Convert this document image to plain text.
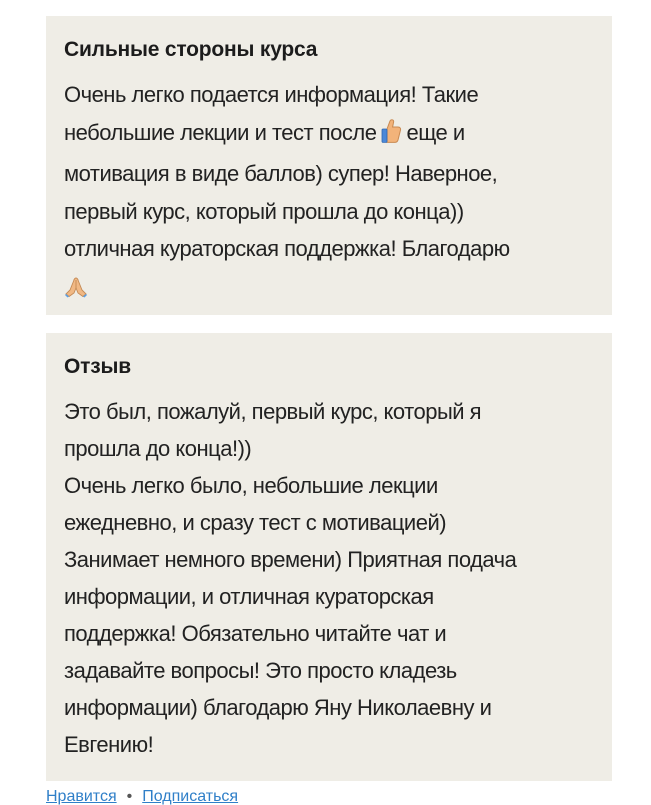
Сильные стороны курса
Очень легко подается информация! Такие
небольшие лекции и тест после еще и
мотивация в виде баллов) супер! Наверное,
первый курс, который прошла до конца))
отличная кураторская поддержка! Благодарю
Отзыв
Это был, пожалуй, первый курс, который я
прошла до конца!))
Очень легко было, небольшие лекции
ежедневно, и сразу тест с мотивацией)
Занимает немного времени) Приятная подача
информации, и отличная кураторская
поддержка! Обязательно читайте чат и
задавайте вопросы! Это просто кладезь
информации) благодарю Яну Николаевну и
Евгению!
Нравится • Подписаться
